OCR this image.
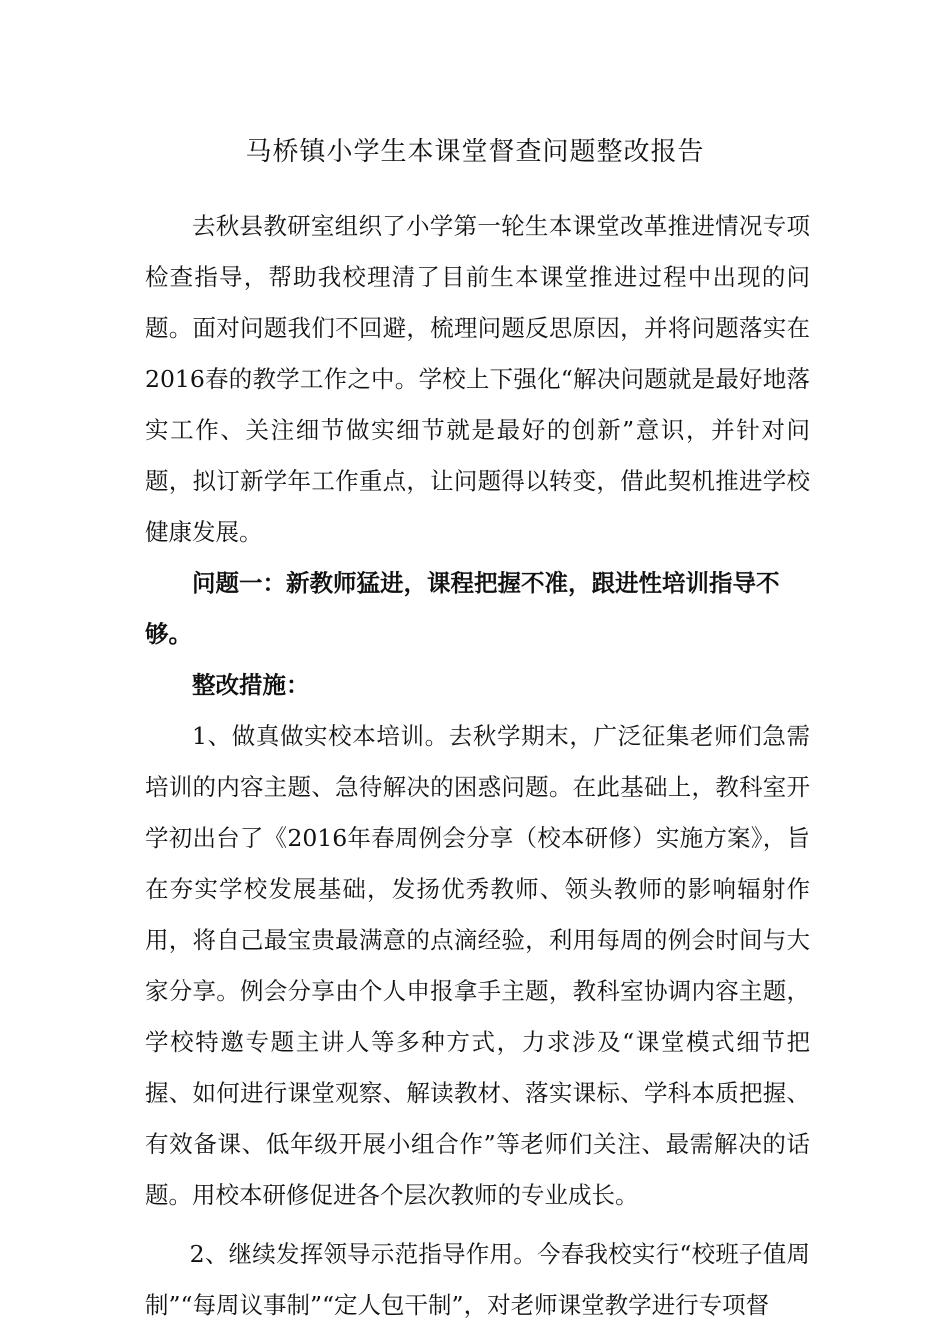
马桥镇小学生本课堂督查问题整改报告

去秋县教研室组织了小学第一轮生本课堂改革推进情况专项检查指导，帮助我校理清了目前生本课堂推进过程中出现的问题。面对问题我们不回避，梳理问题反思原因，并将问题落实在2016春的教学工作之中。学校上下强化“解决问题就是最好地落实工作、关注细节做实细节就是最好的创新”意识，并针对问题，拟订新学年工作重点，让问题得以转变，借此契机推进学校健康发展。

问题一：新教师猛进，课程把握不准，跟进性培训指导不够。

整改措施：

1、做真做实校本培训。去秋学期末，广泛征集老师们急需培训的内容主题、急待解决的困惑问题。在此基础上，教科室开学初出台了《2016年春周例会分享（校本研修）实施方案》，旨在夯实学校发展基础，发扬优秀教师、领头教师的影响辐射作用，将自己最宝贵最满意的点滴经验，利用每周的例会时间与大家分享。例会分享由个人申报拿手主题，教科室协调内容主题，学校特邀专题主讲人等多种方式，力求涉及“课堂模式细节把握、如何进行课堂观察、解读教材、落实课标、学科本质把握、有效备课、低年级开展小组合作”等老师们关注、最需解决的话题。用校本研修促进各个层次教师的专业成长。

2、继续发挥领导示范指导作用。今春我校实行“校班子值周制”“每周议事制”“定人包干制”，对老师课堂教学进行专项督
